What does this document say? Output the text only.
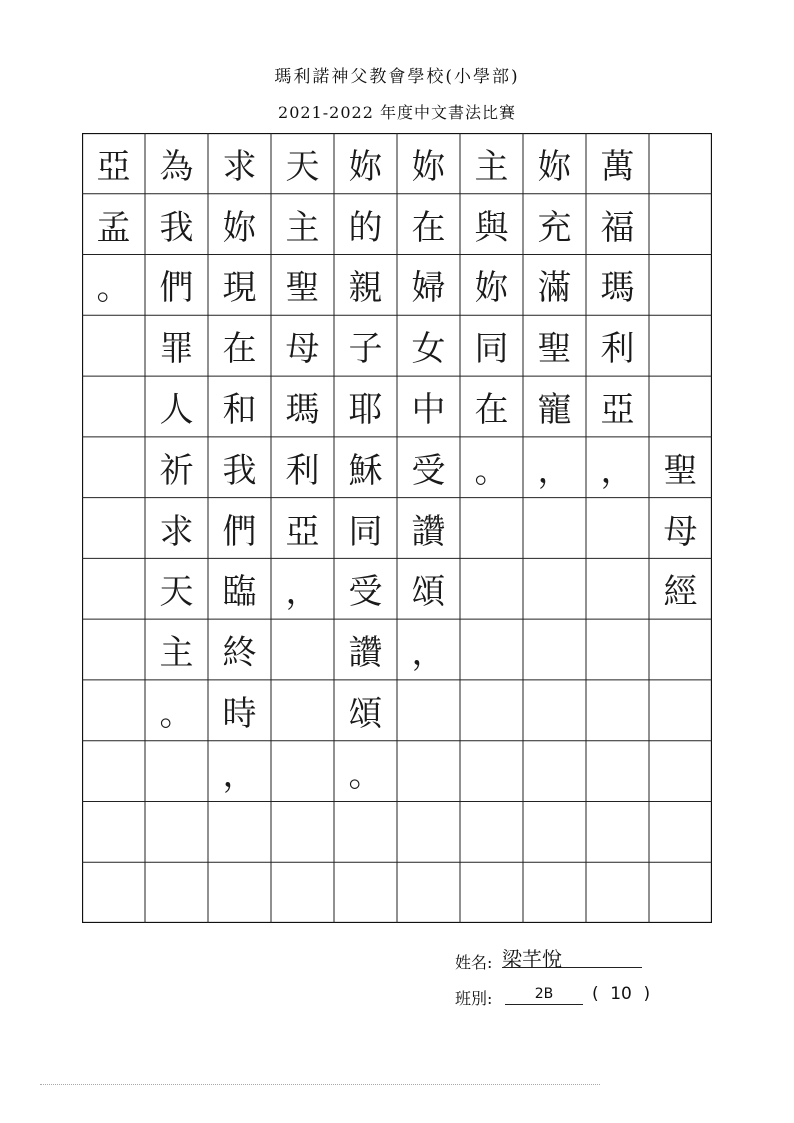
瑪利諾神父教會學校(小學部)
2021-2022 年度中文書法比賽
亞
孟
。
為
我
們
罪
人
祈
求
天
主
。
求
妳
現
在
和
我
們
臨
終
時
，
天
主
聖
母
瑪
利
亞
，
妳
的
親
子
耶
穌
同
受
讚
頌
。
妳
在
婦
女
中
受
讚
頌
，
主
與
妳
同
在
。
妳
充
滿
聖
寵
，
萬
福
瑪
利
亞
， 聖
母
經
姓名: 梁芊悅
班別:	2B	( 10 )
